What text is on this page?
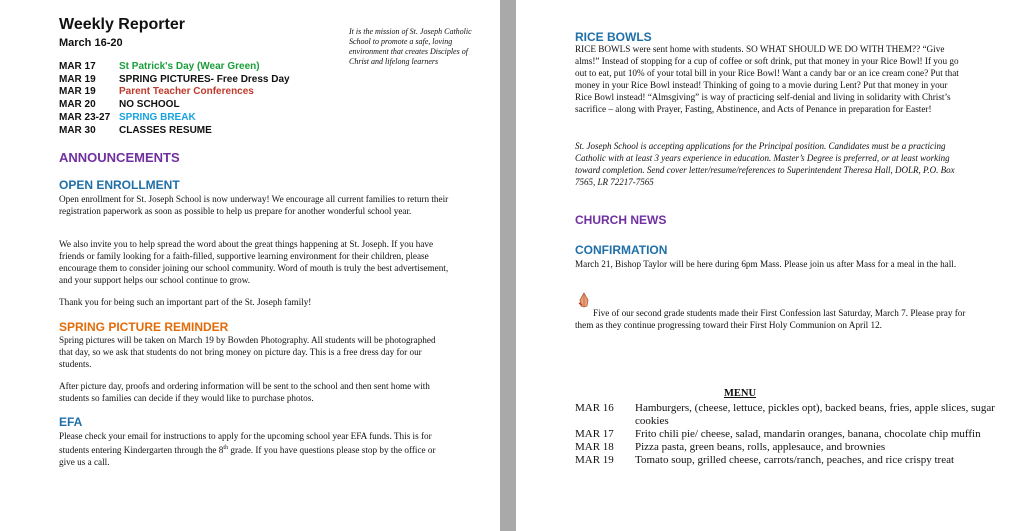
Weekly Reporter
March 16-20
It is the mission of St. Joseph Catholic School to promote a safe, loving environment that creates Disciples of Christ and lifelong learners
MAR 17	St Patrick's Day (Wear Green)
MAR 19	SPRING PICTURES- Free Dress Day
MAR 19	Parent Teacher Conferences
MAR 20	NO SCHOOL
MAR 23-27 SPRING BREAK
MAR 30	CLASSES RESUME
ANNOUNCEMENTS
OPEN ENROLLMENT
Open enrollment for St. Joseph School is now underway! We encourage all current families to return their registration paperwork as soon as possible to help us prepare for another wonderful school year.
We also invite you to help spread the word about the great things happening at St. Joseph. If you have friends or family looking for a faith-filled, supportive learning environment for their children, please encourage them to consider joining our school community. Word of mouth is truly the best advertisement, and your support helps our school continue to grow.
Thank you for being such an important part of the St. Joseph family!
SPRING PICTURE REMINDER
Spring pictures will be taken on March 19 by Bowden Photography. All students will be photographed that day, so we ask that students do not bring money on picture day. This is a free dress day for our students.
After picture day, proofs and ordering information will be sent to the school and then sent home with students so families can decide if they would like to purchase photos.
EFA
Please check your email for instructions to apply for the upcoming school year EFA funds. This is for students entering Kindergarten through the 8th grade. If you have questions please stop by the office or give us a call.
RICE BOWLS
RICE BOWLS were sent home with students. SO WHAT SHOULD WE DO WITH THEM?? “Give alms!” Instead of stopping for a cup of coffee or soft drink, put that money in your Rice Bowl! If you go out to eat, put 10% of your total bill in your Rice Bowl! Want a candy bar or an ice cream cone? Put that money in your Rice Bowl instead! Thinking of going to a movie during Lent? Put that money in your Rice Bowl instead! “Almsgiving” is way of practicing self-denial and living in solidarity with Christ’s sacrifice – along with Prayer, Fasting, Abstinence, and Acts of Penance in preparation for Easter!
St. Joseph School is accepting applications for the Principal position. Candidates must be a practicing Catholic with at least 3 years experience in education. Master’s Degree is preferred, or at least working toward completion. Send cover letter/resume/references to Superintendent Theresa Hall, DOLR, P.O. Box 7565, LR 72217-7565
CHURCH NEWS
CONFIRMATION
March 21, Bishop Taylor will be here during 6pm Mass. Please join us after Mass for a meal in the hall.
Five of our second grade students made their First Confession last Saturday, March 7. Please pray for them as they continue progressing toward their First Holy Communion on April 12.
MENU
MAR 16	Hamburgers, (cheese, lettuce, pickles opt), backed beans, fries, apple slices, sugar cookies
MAR 17	Frito chili pie/ cheese, salad, mandarin oranges, banana, chocolate chip muffin
MAR 18	Pizza pasta, green beans, rolls, applesauce, and brownies
MAR 19	Tomato soup, grilled cheese, carrots/ranch, peaches, and rice crispy treat
